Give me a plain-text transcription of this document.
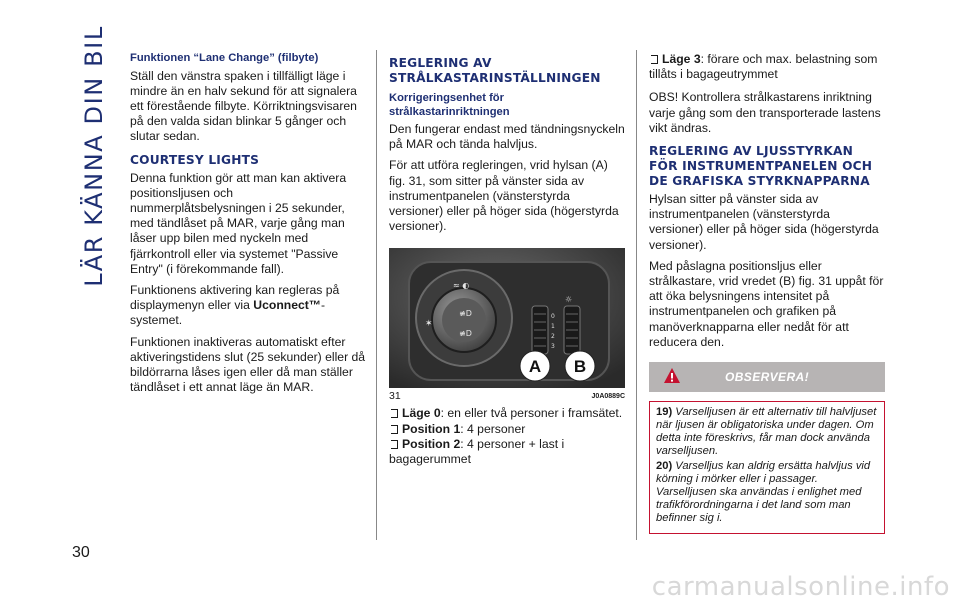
LÄR KÄNNA DIN BIL Funktionen “Lane Change” (filbyte)

Ställ den vänstra spaken i tillfälligt läge i mindre än en halv sekund för att signalera ett förestående filbyte. Körriktningsvisaren på den valda sidan blinkar 5 gånger och slutar sedan.

COURTESY LIGHTS

Denna funktion gör att man kan aktivera positionsljusen och nummerplåtsbelysningen i 25 sekunder, med tändlåset på MAR, varje gång man låser upp bilen med nyckeln med fjärrkontroll eller via systemet "Passive Entry" (i förekommande fall).

Funktionens aktivering kan regleras på displaymenyn eller via Uconnect™-systemet.

Funktionen inaktiveras automatiskt efter aktiveringstidens slut (25 sekunder) eller då bildörrarna låses igen eller då man ställer tändlåset i ett annat läge än MAR.

REGLERING AV STRÅLKASTARINSTÄLLNINGEN
Korrigeringsenhet för strålkastarinriktningen

Den fungerar endast med tändningsnyckeln på MAR och tända halvljus.

För att utföra regleringen, vrid hylsan (A) fig. 31, som sitter på vänster sida av instrumentpanelen (vänsterstyrda versioner) eller på höger sida (högerstyrda versioner).

≈ ◐
✶
≢D
≢D
0
1
2
3
☼
A B
31	J0A0889C

Läge 0: en eller två personer i framsätet.

Position 1: 4 personer

Position 2: 4 personer + last i bagagerummet

Läge 3: förare och max. belastning som tillåts i bagageutrymmet

OBS! Kontrollera strålkastarens inriktning varje gång som den transporterade lastens vikt ändras.

REGLERING AV LJUSSTYRKAN FÖR INSTRUMENTPANELEN OCH DE GRAFISKA STYRKNAPPARNA

Hylsan sitter på vänster sida av instrumentpanelen (vänsterstyrda versioner) eller på höger sida (högerstyrda versioner).

Med påslagna positionsljus eller strålkastare, vrid vredet (B) fig. 31 uppåt för att öka belysningens intensitet på instrumentpanelen och grafiken på manöverknapparna eller nedåt för att reducera den.

OBSERVERA!

19) Varselljusen är ett alternativ till halvljuset när ljusen är obligatoriska under dagen. Om detta inte föreskrivs, får man dock använda varselljusen.

20) Varselljus kan aldrig ersätta halvljus vid körning i mörker eller i passager. Varselljusen ska användas i enlighet med trafikförordningarna i det land som man befinner sig i.

30
carmanualsonline.info
